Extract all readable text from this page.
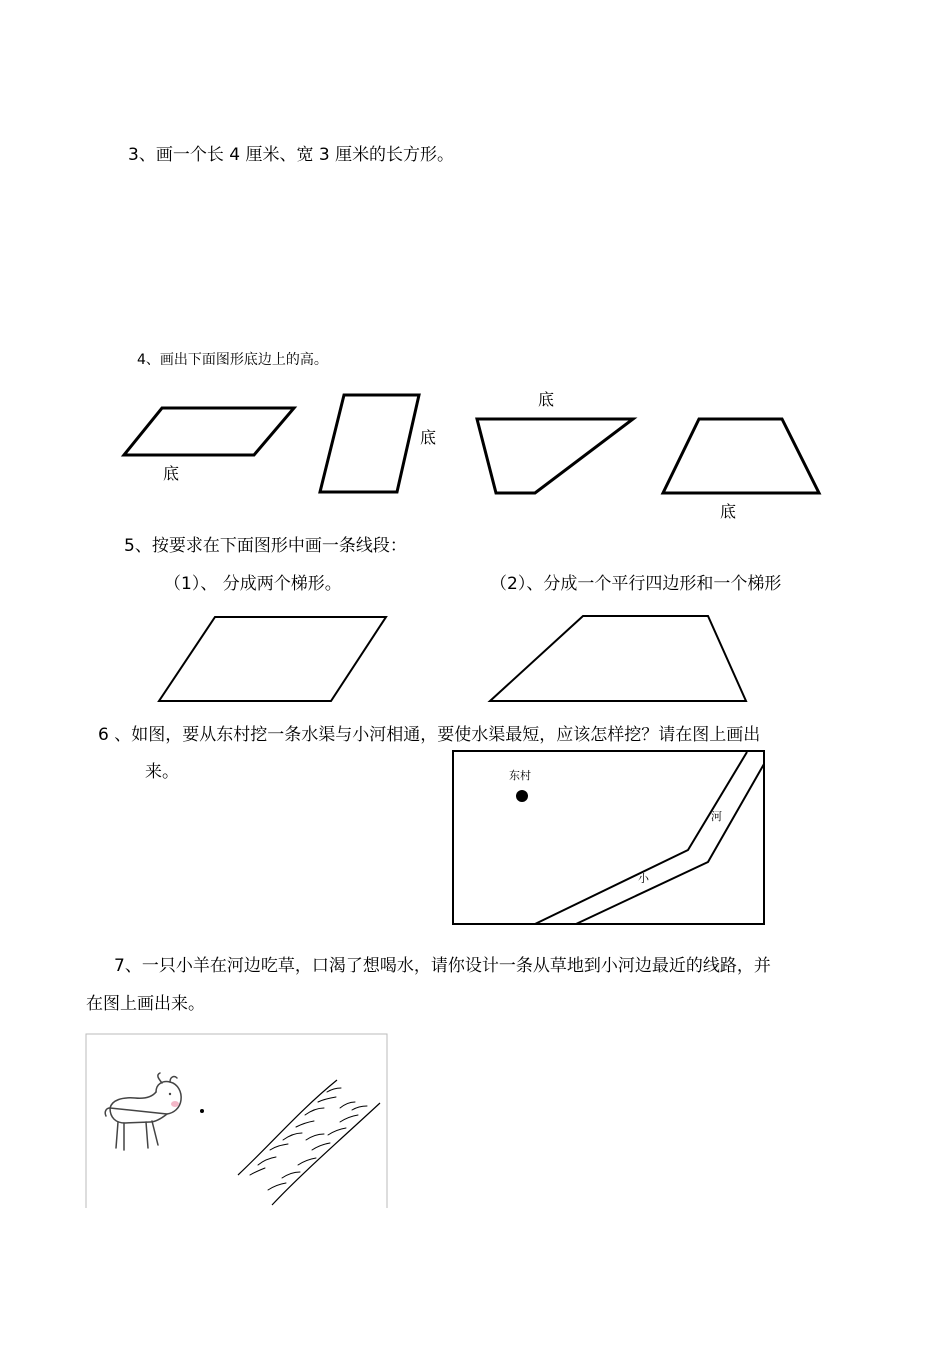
3、画一个长 4 厘米、宽 3 厘米的长方形。
4、画出下面图形底边上的高。
底
底
底
底
5、按要求在下面图形中画一条线段：
（1）、 分成两个梯形。	（2）、分成一个平行四边形和一个梯形
6 、如图，要从东村挖一条水渠与小河相通，要使水渠最短，应该怎样挖？请在图上画出
来。	东村
河
小
7、一只小羊在河边吃草，口渴了想喝水，请你设计一条从草地到小河边最近的线路，并
在图上画出来。
